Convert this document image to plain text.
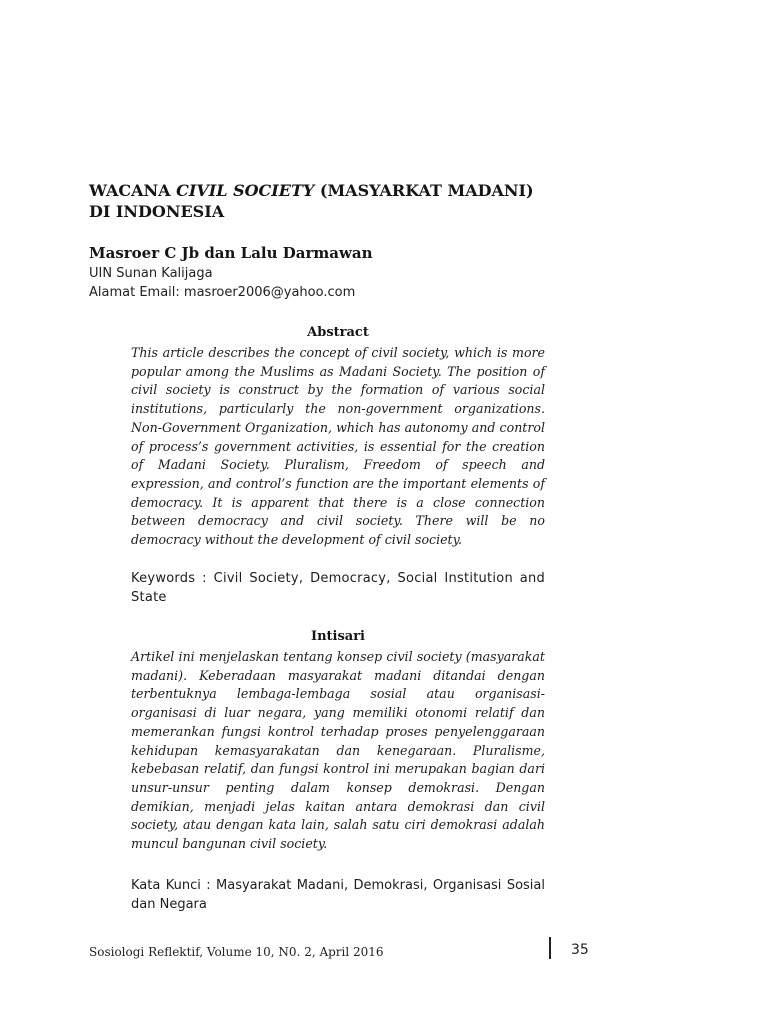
WACANA CIVIL SOCIETY (MASYARKAT MADANI)
DI INDONESIA
Masroer C Jb dan Lalu Darmawan
UIN Sunan Kalijaga
Alamat Email: masroer2006@yahoo.com
Abstract

This article describes the concept of civil society, which is more popular among the Muslims as Madani Society. The position of civil society is construct by the formation of various social institutions, particularly the non-government organizations. Non-Government Organization, which has autonomy and control of process’s government activities, is essential for the creation of Madani Society. Pluralism, Freedom of speech and expression, and control’s function are the important elements of democracy. It is apparent that there is a close connection between democracy and civil society. There will be no democracy without the development of civil society.

Keywords : Civil Society, Democracy, Social Institution and State

Intisari

Artikel ini menjelaskan tentang konsep civil society (masyarakat madani). Keberadaan masyarakat madani ditandai dengan terbentuknya lembaga-lembaga sosial atau organisasi-organisasi di luar negara, yang memiliki otonomi relatif dan memerankan fungsi kontrol terhadap proses penyelenggaraan kehidupan kemasyarakatan dan kenegaraan. Pluralisme, kebebasan relatif, dan fungsi kontrol ini merupakan bagian dari unsur-unsur penting dalam konsep demokrasi. Dengan demikian, menjadi jelas kaitan antara demokrasi dan civil society, atau dengan kata lain, salah satu ciri demokrasi adalah muncul bangunan civil society.

Kata Kunci : Masyarakat Madani, Demokrasi, Organisasi Sosial dan Negara

Sosiologi Reflektif, Volume 10, N0. 2, April 2016	35
